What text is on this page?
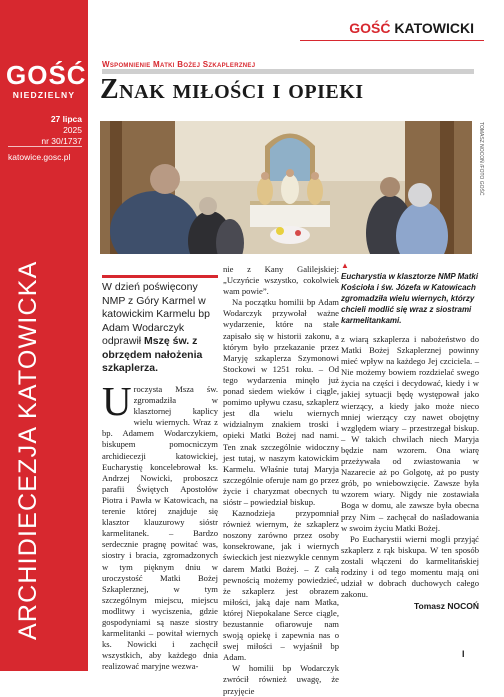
GOŚĆ
NIEDZIELNY
27 lipca
2025
nr 30/1737
katowice.gosc.pl
ARCHIDIECEZJA KATOWICKA
GOŚĆ KATOWICKI
Wspomnienie Matki Bożej Szkaplerznej
Znak miłości i opieki
TOMASZ NOCOŃ /FOTO GOŚĆ
▲
Eucharystia w klasztorze NMP Matki Kościoła i św. Józefa w Katowicach zgromadziła wielu wiernych, którzy chcieli modlić się wraz z siostrami karmelitankami.
W dzień poświęcony NMP z Góry Karmel w katowickim Karmelu bp Adam Wodarczyk odprawił Mszę św. z obrzędem nałożenia szkaplerza.

Uroczysta Msza św. zgromadziła w klasztornej kaplicy wielu wiernych. Wraz z bp. Adamem Wodarczykiem, biskupem pomocniczym archidiecezji katowickiej, Eucharystię koncelebrował ks. Andrzej Nowicki, proboszcz parafii Świętych Apostołów Piotra i Pawła w Katowicach, na terenie której znajduje się klasztor klauzurowy sióstr karmelitanek. – Bardzo serdecznie pragnę powitać was, siostry i bracia, zgromadzonych w tym pięknym dniu w uroczystość Matki Bożej Szkaplerznej, w tym szczególnym miejscu, miejscu modlitwy i wyciszenia, gdzie gospodyniami są nasze siostry karmelitanki – powitał wiernych ks. Nowicki i zachęcił wszystkich, aby każdego dnia realizować maryjne wezwa-

nie z Kany Galilejskiej: „Uczyńcie wszystko, cokolwiek wam powie”.

Na początku homilii bp Adam Wodarczyk przywołał ważne wydarzenie, które na stałe zapisało się w historii zakonu, a którym było przekazanie przez Maryję szkaplerza Szymonowi Stockowi w 1251 roku. – Od tego wydarzenia minęło już ponad siedem wieków i ciągle, pomimo upływu czasu, szkaplerz jest dla wielu wiernych widzialnym znakiem troski i opieki Matki Bożej nad nami. Ten znak szczególnie widoczny jest tutaj, w naszym katowickim Karmelu. Właśnie tutaj Maryja szczególnie oferuje nam go przez życie i charyzmat obecnych tu sióstr – powiedział biskup.

Kaznodzieja przypomniał również wiernym, że szkaplerz noszony zarówno przez osoby konsekrowane, jak i wiernych świeckich jest niezwykle cennym darem Matki Bożej. – Z całą pewnością możemy powiedzieć, że szkaplerz jest obrazem miłości, jaką daje nam Matka, której Niepokalane Serce ciągle, bezustannie ofiarowuje nam swoją opiekę i zapewnia nas o swej miłości – wyjaśnił bp Adam.

W homilii bp Wodarczyk zwrócił również uwagę, że przyjęcie

z wiarą szkaplerza i nabożeństwo do Matki Bożej Szkaplerznej powinny mieć wpływ na każdego Jej czciciela. – Nie możemy bowiem rozdzielać swego życia na części i decydować, kiedy i w jakiej sytuacji będę występował jako wierzący, a kiedy jako może nieco mniej wierzący czy nawet obojętny względem wiary – przestrzegał biskup. – W takich chwilach niech Maryja będzie nam wzorem. Ona wiarę przeżywała od zwiastowania w Nazarecie aż po Golgotę, aż po pusty grób, po wniebowzięcie. Zawsze była wzorem wiary. Nigdy nie zostawiała Boga w domu, ale zawsze była obecna przy Nim – zachęcał do naśladowania w swoim życiu Matki Bożej.

Po Eucharystii wierni mogli przyjąć szkaplerz z rąk biskupa. W ten sposób zostali włączeni do karmelitańskiej rodziny i od tego momentu mają oni udział w dobrach duchowych całego zakonu.

Tomasz NOCOŃ
I
